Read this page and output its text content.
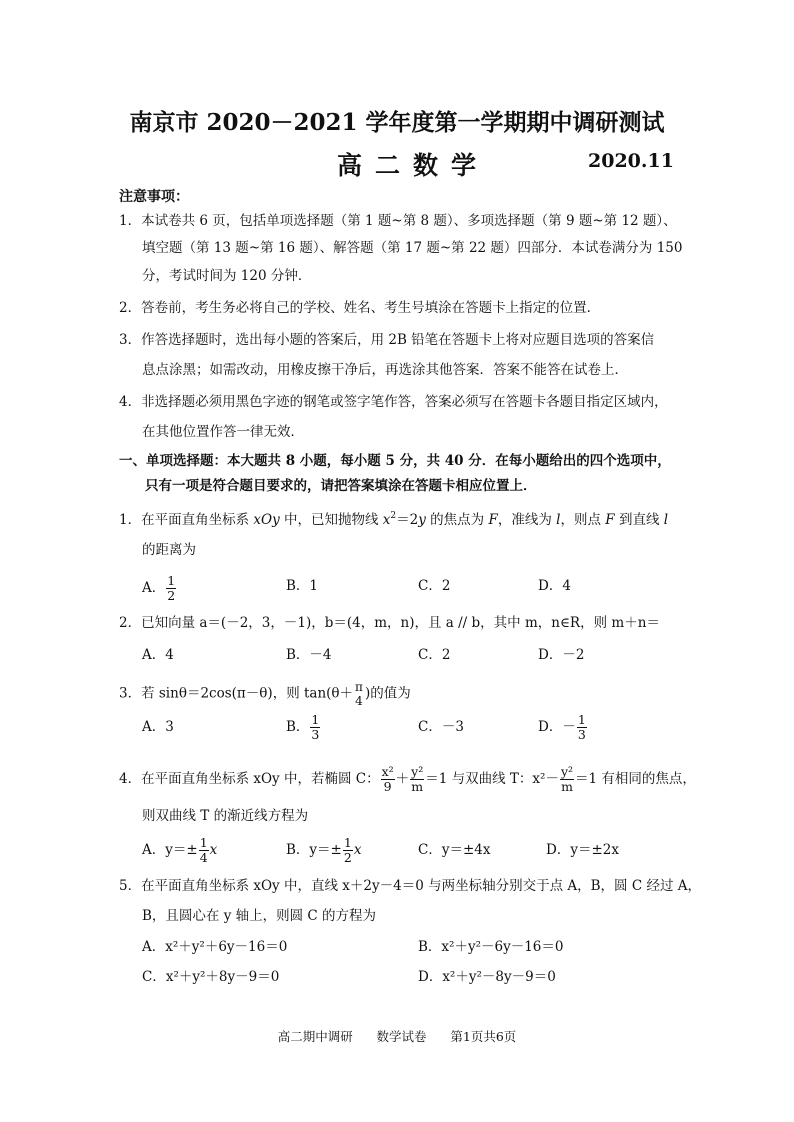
南京市 2020－2021 学年度第一学期期中调研测试
高二数学	2020.11
注意事项：
1．本试卷共 6 页，包括单项选择题（第 1 题~第 8 题）、多项选择题（第 9 题~第 12 题）、
填空题（第 13 题~第 16 题）、解答题（第 17 题~第 22 题）四部分．本试卷满分为 150
分，考试时间为 120 分钟．
2．答卷前，考生务必将自己的学校、姓名、考生号填涂在答题卡上指定的位置．
3．作答选择题时，选出每小题的答案后，用 2B 铅笔在答题卡上将对应题目选项的答案信
息点涂黑；如需改动，用橡皮擦干净后，再选涂其他答案．答案不能答在试卷上．
4．非选择题必须用黑色字迹的钢笔或签字笔作答，答案必须写在答题卡各题目指定区域内，
在其他位置作答一律无效．
一、单项选择题：本大题共 8 小题，每小题 5 分，共 40 分．在每小题给出的四个选项中，
只有一项是符合题目要求的，请把答案填涂在答题卡相应位置上．
1．在平面直角坐标系 xOy 中，已知抛物线 $x^2=2y$ 的焦点为 F，准线为 l，则点 F 到直线 l
的距离为
A． $\frac{1}{2}$	B．1	C．2	D．4
2．已知向量 a＝(－2，3，－1)，b＝(4，m，n)，且 a // b，其中 m，n∈R，则 m＋n＝
A．4	B．－4	C．2	D．－2
3．若 sinθ＝2cos(π－θ)，则 tan(θ＋ π
4 )的值为
A．3	B． $\frac{1}{3}$	C．－3	D．－ $\frac{1}{3}$
4．在平面直角坐标系 xOy 中，若椭圆 C： $\frac{\text{x²}}{9} + \frac{\text{y²}}{m} =1$ 与双曲线 T：$x^2- \frac{\text{y²}}{m} =1$ 有相同的焦点，
则双曲线 T 的渐近线方程为
A．$y=\pm \frac{1}{4}$ x	B．$y=\pm \frac{1}{2}$ x	C．y＝±4x	D．y＝±2x
5．在平面直角坐标系 xOy 中，直线 x＋2y－4＝0 与两坐标轴分别交于点 A，B，圆 C 经过 A，
B，且圆心在 y 轴上，则圆 C 的方程为
A．x²＋y²＋6y－16＝0	B．x²＋y²－6y－16＝0
C．x²＋y²＋8y－9＝0	D．x²＋y²－8y－9＝0
高二期中调研      数学试卷      第1页共6页
